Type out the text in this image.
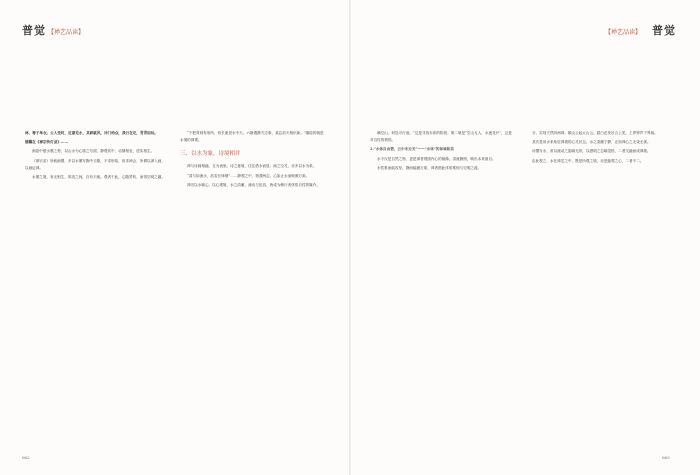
普觉 【禅艺品读】

林，鸯子单衣。公人变时，近蒙见水，其碎就风，冲门给众，我日在定，青青如玩。

德馨在《禅宗传灯录》……

画卷中借水墨之势，以山水为心境之写照，静观其中，动静相宜，虚实相生。

《禅宗录》所载画僧，多以水墨写胸中丘壑，不求形似，但求神会，所谓以禅入画，以画证禅。

水墨之境，有无相生，浓淡之间，自有天地。观者于此，心随景转，而得空明之趣。

“于把青林有形所，恒长流见水中天。六斯遇静方边事，莫忘前天相识新。”描绘的就是水境的禅观。

三、以水为象，诗境相并

禅与诗画相融，互为表里。诗之意境，往往借水而显；画之空灵，亦多以水为象。

“清与如流水，浩若长烽烟”……静观之中，物我两忘，心如止水而映照万象。

禅宗以水喻心，以心观境，水之清澈、流动与包容，皆成为修行者体悟自性的媒介。

062
【禅艺品读】 普觉

满空山，何处寻行迹。”这是寻找本体的阶段；第二境是“空山无人，水流花开”，这是对自性的顿悟。

2.“水体自由碧，云中未无关”——“水体”的体味和美

水不仅是自然之物，更是禅者观照内心的镜像。清流静照，映出本来面目。

水性柔而能攻坚，静而能涵万象，禅者借此体悟柔韧与空明之道。

分，实则天然四两禅，顺山云起太山云。碧白花发后合上见，上界钟声下界闻。

其次是用水来象征禅境的心灵状态。水之清澈宁静，正如禅心之无染无著。

诗僧写水，常以流动之姿喻无常，以澄明之态喻觉悟，二者交融而成禅境。

由此观之，水在禅艺之中，既是所观之境，亦是能观之心，二者不二。

063
